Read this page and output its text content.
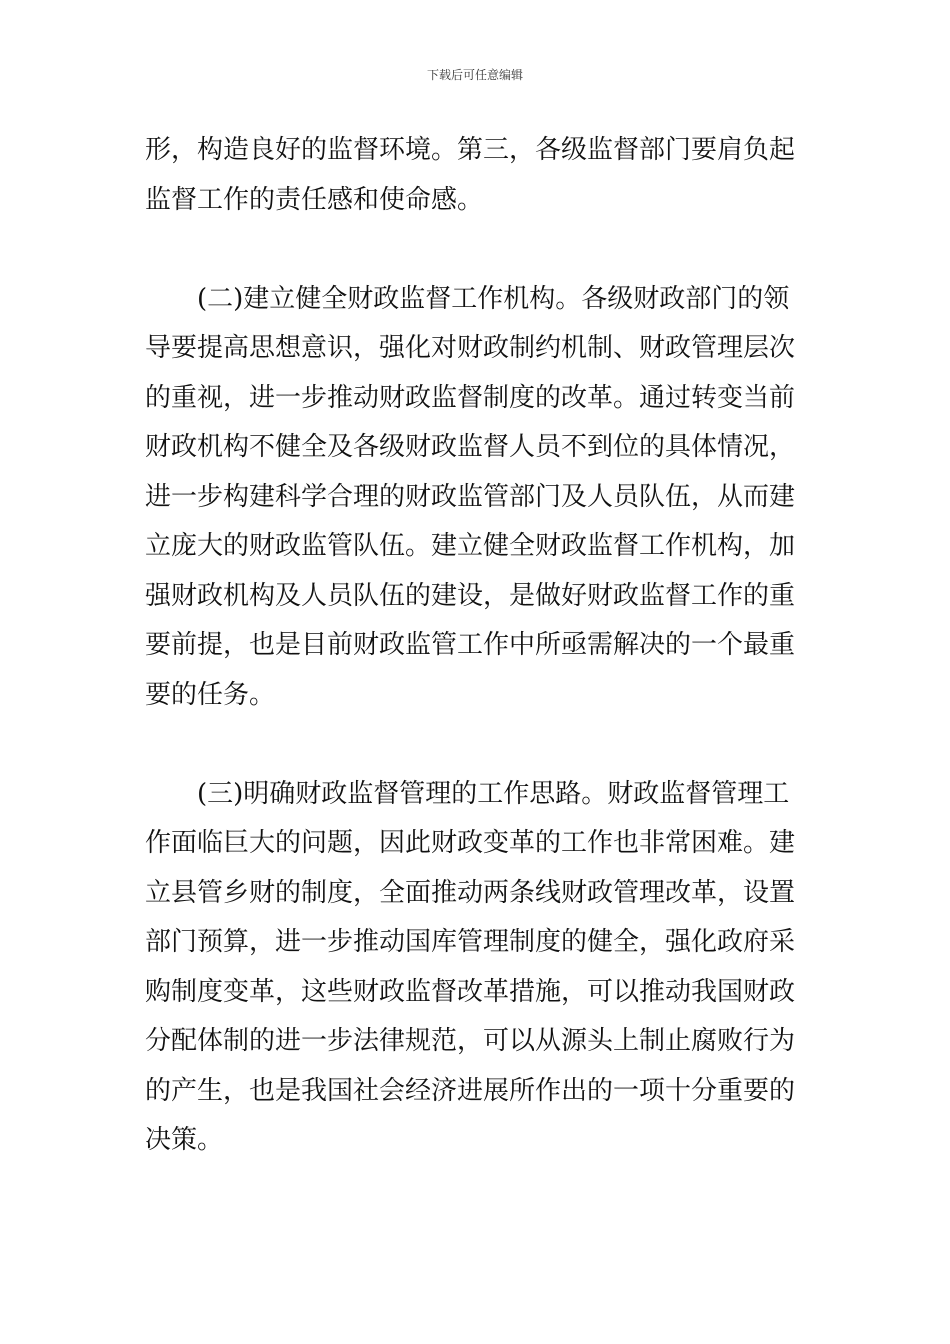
下载后可任意编辑

形，构造良好的监督环境。第三，各级监督部门要肩负起
监督工作的责任感和使命感。

(二)建立健全财政监督工作机构。各级财政部门的领
导要提高思想意识，强化对财政制约机制、财政管理层次
的重视，进一步推动财政监督制度的改革。通过转变当前
财政机构不健全及各级财政监督人员不到位的具体情况，
进一步构建科学合理的财政监管部门及人员队伍，从而建
立庞大的财政监管队伍。建立健全财政监督工作机构，加
强财政机构及人员队伍的建设，是做好财政监督工作的重
要前提，也是目前财政监管工作中所亟需解决的一个最重
要的任务。

(三)明确财政监督管理的工作思路。财政监督管理工
作面临巨大的问题，因此财政变革的工作也非常困难。建
立县管乡财的制度，全面推动两条线财政管理改革，设置
部门预算，进一步推动国库管理制度的健全，强化政府采
购制度变革，这些财政监督改革措施，可以推动我国财政
分配体制的进一步法律规范，可以从源头上制止腐败行为
的产生，也是我国社会经济进展所作出的一项十分重要的
决策。
